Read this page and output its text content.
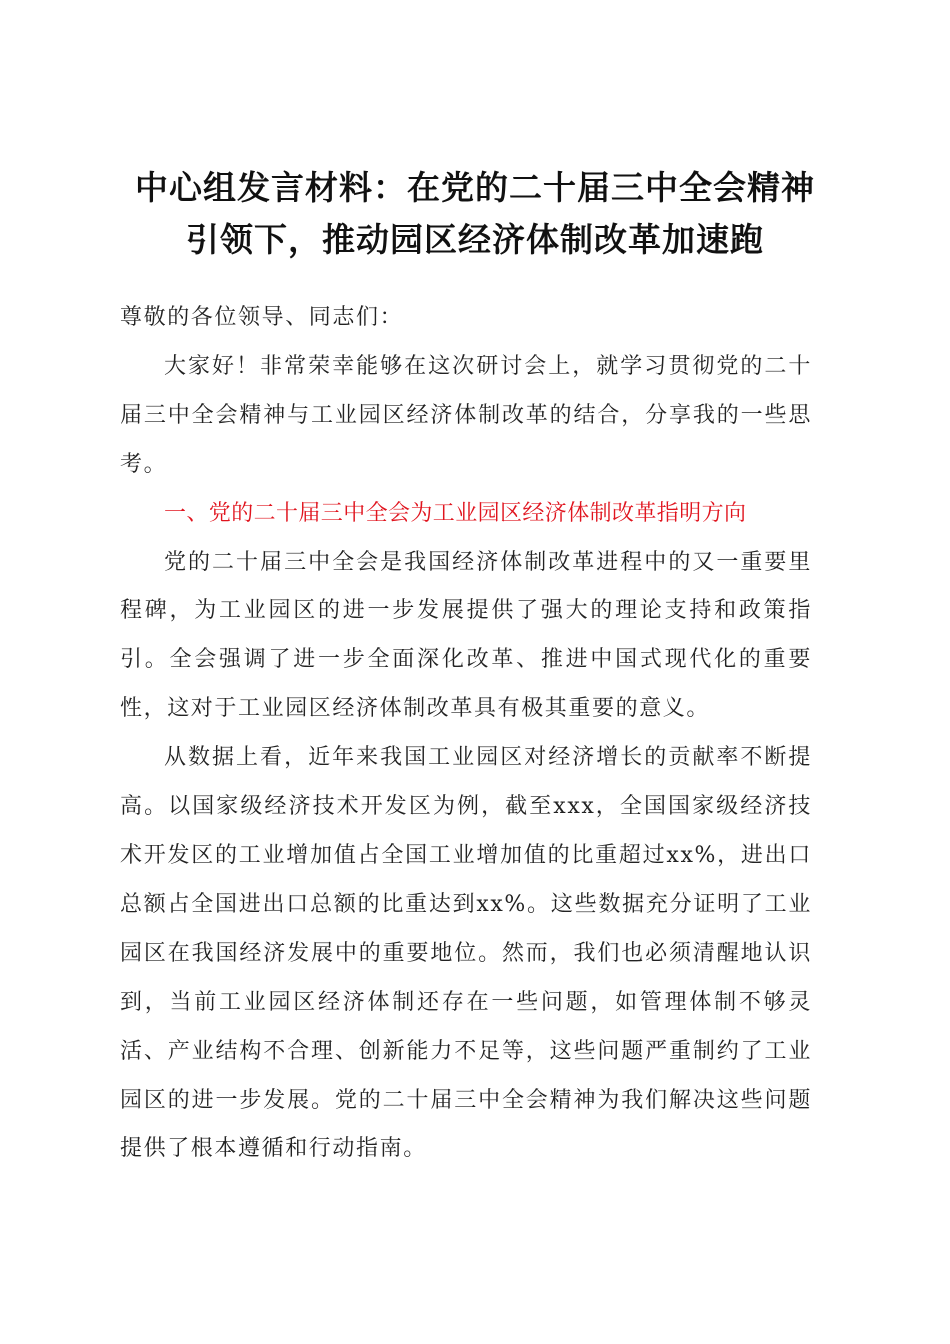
中心组发言材料：在党的二十届三中全会精神
引领下，推动园区经济体制改革加速跑

尊敬的各位领导、同志们：

大家好！非常荣幸能够在这次研讨会上，就学习贯彻党的二十届三中全会精神与工业园区经济体制改革的结合，分享我的一些思考。

一、党的二十届三中全会为工业园区经济体制改革指明方向

党的二十届三中全会是我国经济体制改革进程中的又一重要里程碑，为工业园区的进一步发展提供了强大的理论支持和政策指引。全会强调了进一步全面深化改革、推进中国式现代化的重要性，这对于工业园区经济体制改革具有极其重要的意义。

从数据上看，近年来我国工业园区对经济增长的贡献率不断提高。以国家级经济技术开发区为例，截至xxx，全国国家级经济技术开发区的工业增加值占全国工业增加值的比重超过xx%，进出口总额占全国进出口总额的比重达到xx%。这些数据充分证明了工业园区在我国经济发展中的重要地位。然而，我们也必须清醒地认识到，当前工业园区经济体制还存在一些问题，如管理体制不够灵活、产业结构不合理、创新能力不足等，这些问题严重制约了工业园区的进一步发展。党的二十届三中全会精神为我们解决这些问题提供了根本遵循和行动指南。
